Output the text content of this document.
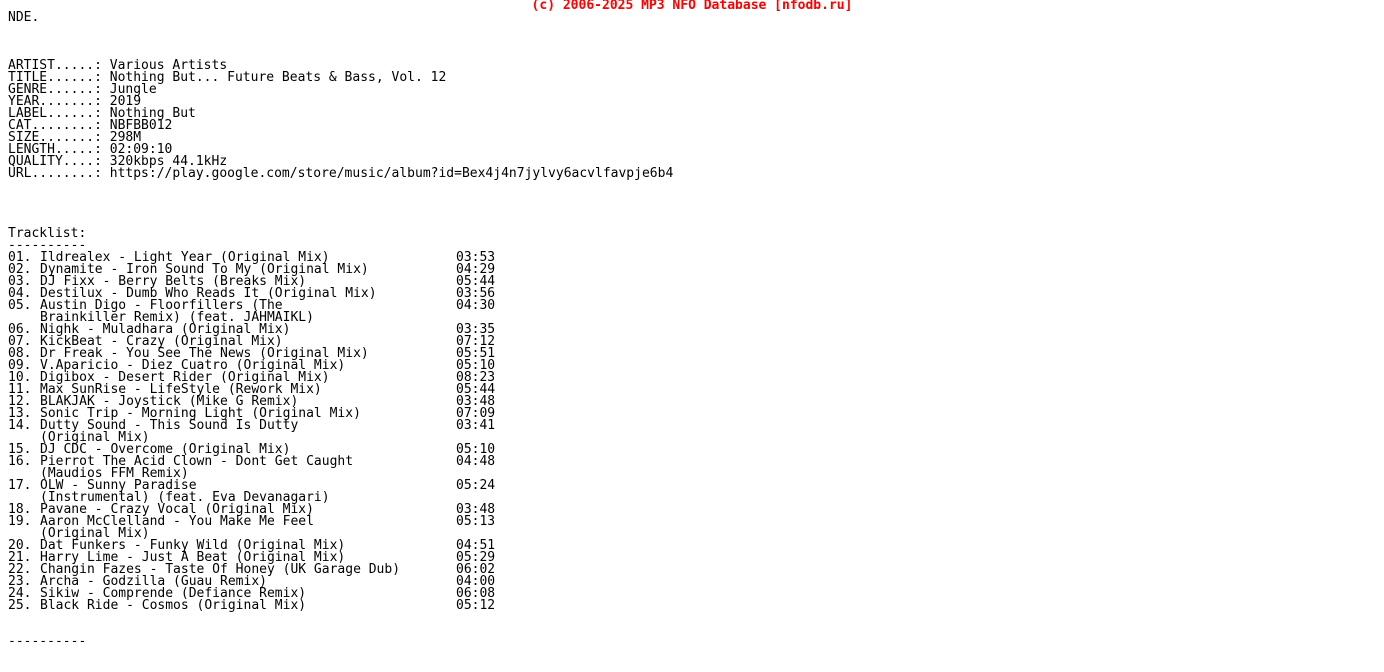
(c) 2006-2025 MP3 NFO Database [nfodb.ru]
NDE.

ARTIST.....: Various Artists
TITLE......: Nothing But... Future Beats & Bass, Vol. 12
GENRE......: Jungle
YEAR.......: 2019
LABEL......: Nothing But
CAT........: NBFBB012
SIZE.......: 298M
LENGTH.....: 02:09:10
QUALITY....: 320kbps 44.1kHz
URL........: https://play.google.com/store/music/album?id=Bex4j4n7jylvy6acvlfavpje6b4

Tracklist:
----------
01. Ildrealex - Light Year (Original Mix)	03:53
02. Dynamite - Iron Sound To My (Original Mix)	04:29
03. DJ Fixx - Berry Belts (Breaks Mix)	05:44
04. Destilux - Dumb Who Reads It (Original Mix)	03:56
05. Austin Digo - Floorfillers (The	04:30
Brainkiller Remix) (feat. JAHMAIKL)
06. Nighk - Muladhara (Original Mix)	03:35
07. KickBeat - Crazy (Original Mix)	07:12
08. Dr Freak - You See The News (Original Mix)	05:51
09. V.Aparicio - Diez Cuatro (Original Mix)	05:10
10. Digibox - Desert Rider (Original Mix)	08:23
11. Max SunRise - LifeStyle (Rework Mix)	05:44
12. BLAKJAK - Joystick (Mike G Remix)	03:48
13. Sonic Trip - Morning Light (Original Mix)	07:09
14. Dutty Sound - This Sound Is Dutty	03:41
(Original Mix)
15. DJ CDC - Overcome (Original Mix)	05:10
16. Pierrot The Acid Clown - Dont Get Caught	04:48
(Maudios FFM Remix)
17. OLW - Sunny Paradise	05:24
(Instrumental) (feat. Eva Devanagari)
18. Pavane - Crazy Vocal (Original Mix)	03:48
19. Aaron McClelland - You Make Me Feel	05:13
(Original Mix)
20. Dat Funkers - Funky Wild (Original Mix)	04:51
21. Harry Lime - Just A Beat (Original Mix)	05:29
22. Changin Fazes - Taste Of Honey (UK Garage Dub)	06:02
23. Archa - Godzilla (Guau Remix)	04:00
24. Sikiw - Comprende (Defiance Remix)	06:08
25. Black Ride - Cosmos (Original Mix)	05:12

----------
